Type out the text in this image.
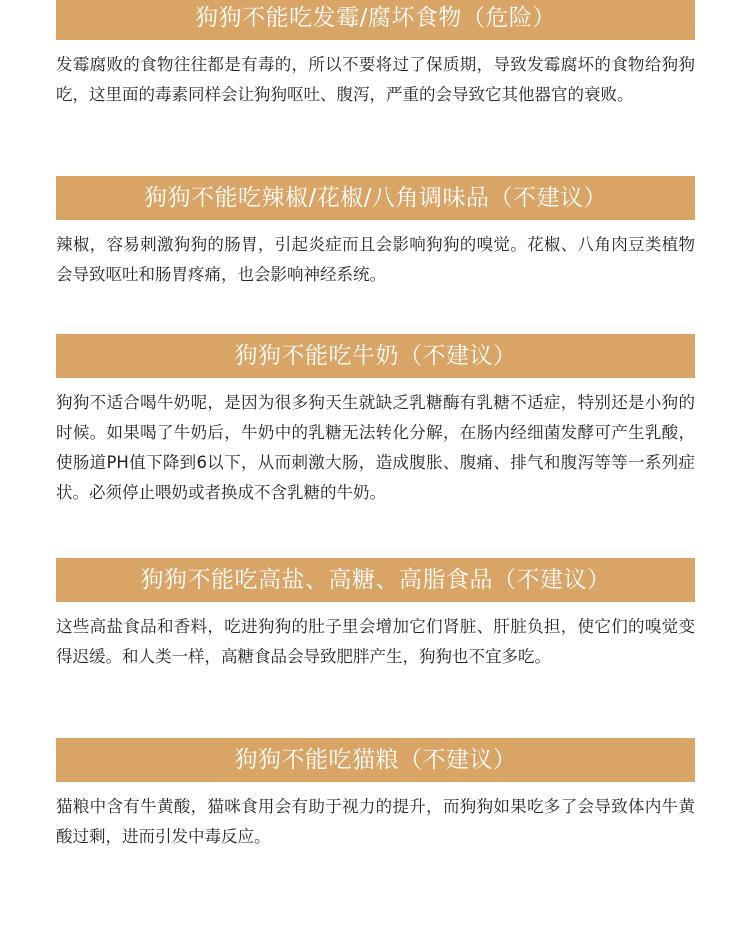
狗狗不能吃发霉/腐坏食物（危险）

发霉腐败的食物往往都是有毒的，所以不要将过了保质期，导致发霉腐坏的食物给狗狗吃，这里面的毒素同样会让狗狗呕吐、腹泻，严重的会导致它其他器官的衰败。

狗狗不能吃辣椒/花椒/八角调味品（不建议）

辣椒，容易刺激狗狗的肠胃，引起炎症而且会影响狗狗的嗅觉。花椒、八角肉豆类植物会导致呕吐和肠胃疼痛，也会影响神经系统。

狗狗不能吃牛奶（不建议）

狗狗不适合喝牛奶呢，是因为很多狗天生就缺乏乳糖酶有乳糖不适症，特别还是小狗的时候。如果喝了牛奶后，牛奶中的乳糖无法转化分解，在肠内经细菌发酵可产生乳酸，使肠道PH值下降到6以下，从而刺激大肠，造成腹胀、腹痛、排气和腹泻等等一系列症状。必须停止喂奶或者换成不含乳糖的牛奶。

狗狗不能吃高盐、高糖、高脂食品（不建议）

这些高盐食品和香料，吃进狗狗的肚子里会增加它们肾脏、肝脏负担，使它们的嗅觉变得迟缓。和人类一样，高糖食品会导致肥胖产生，狗狗也不宜多吃。

狗狗不能吃猫粮（不建议）

猫粮中含有牛黄酸，猫咪食用会有助于视力的提升，而狗狗如果吃多了会导致体内牛黄酸过剩，进而引发中毒反应。
